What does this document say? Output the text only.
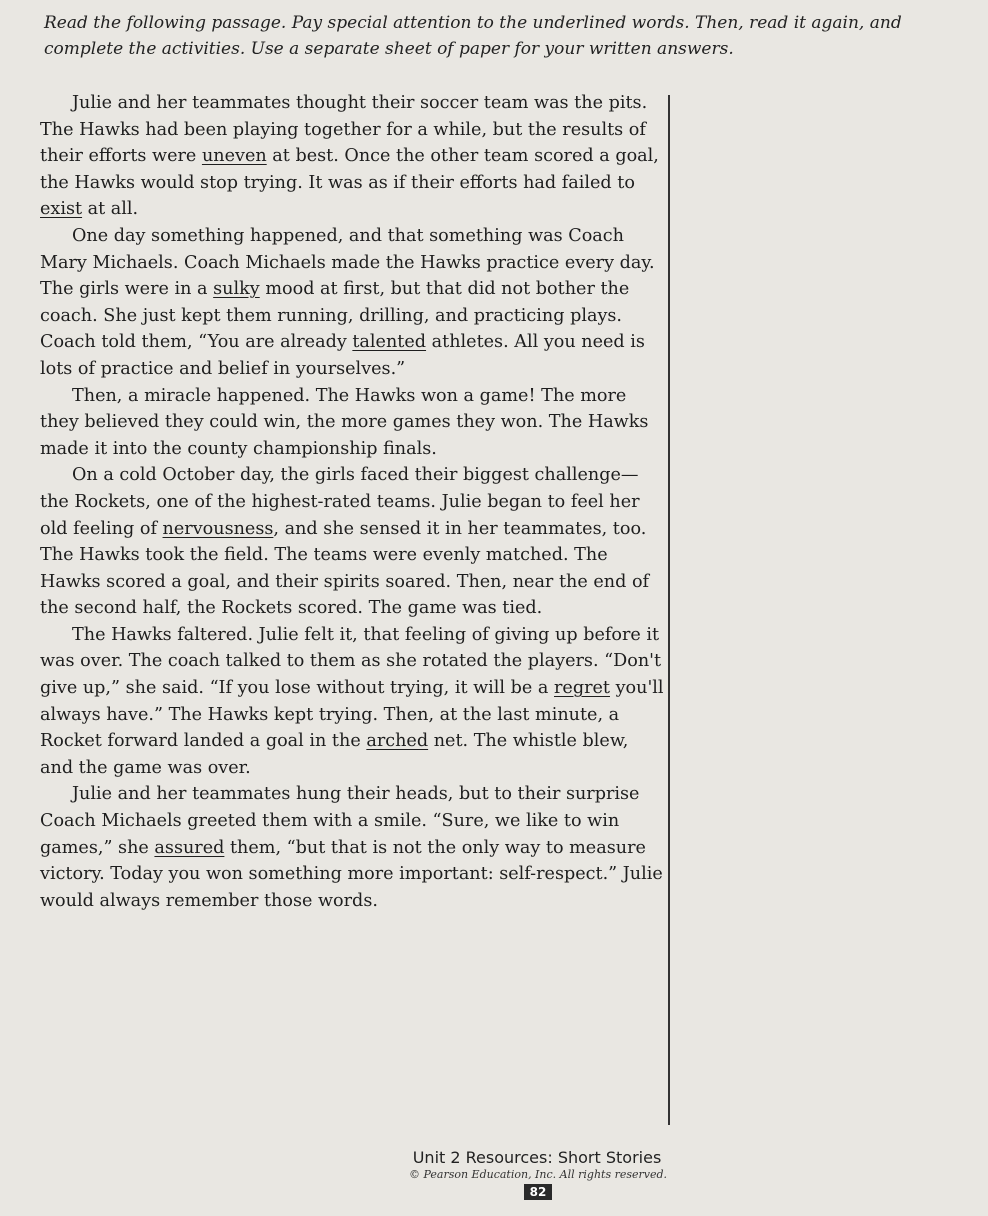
Read the following passage. Pay special attention to the underlined words. Then, read it again, and complete the activities. Use a separate sheet of paper for your written answers.

Julie and her teammates thought their soccer team was the pits. The Hawks had been playing together for a while, but the results of their efforts were uneven at best. Once the other team scored a goal, the Hawks would stop trying. It was as if their efforts had failed to exist at all.

One day something happened, and that something was Coach Mary Michaels. Coach Michaels made the Hawks practice every day. The girls were in a sulky mood at first, but that did not bother the coach. She just kept them running, drilling, and practicing plays. Coach told them, “You are already talented athletes. All you need is lots of practice and belief in yourselves.”

Then, a miracle happened. The Hawks won a game! The more they believed they could win, the more games they won. The Hawks made it into the county championship finals.

On a cold October day, the girls faced their biggest challenge—the Rockets, one of the highest-rated teams. Julie began to feel her old feeling of nervousness, and she sensed it in her teammates, too. The Hawks took the field. The teams were evenly matched. The Hawks scored a goal, and their spirits soared. Then, near the end of the second half, the Rockets scored. The game was tied.

The Hawks faltered. Julie felt it, that feeling of giving up before it was over. The coach talked to them as she rotated the players. “Don't give up,” she said. “If you lose without trying, it will be a regret you'll always have.” The Hawks kept trying. Then, at the last minute, a Rocket forward landed a goal in the arched net. The whistle blew, and the game was over.

Julie and her teammates hung their heads, but to their surprise Coach Michaels greeted them with a smile. “Sure, we like to win games,” she assured them, “but that is not the only way to measure victory. Today you won something more important: self-respect.” Julie would always remember those words.

Unit 2 Resources: Short Stories
© Pearson Education, Inc. All rights reserved.
82
